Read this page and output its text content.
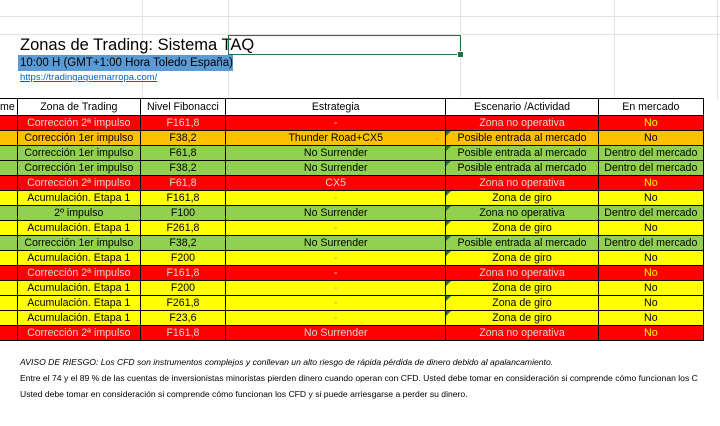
Zonas de Trading: Sistema TAQ
10:00 H (GMT+1:00 Hora Toledo España)
https://tradingaquemarropa.com/
me	Zona de Trading	Nivel Fibonacci	Estrategia	Escenario /Actividad	En mercado
	Corrección 2ª impulso	F161,8	-	Zona no operativa	No
	Corrección 1er impulso	F38,2	Thunder Road+CX5	Posible entrada al mercado	No
	Corrección 1er impulso	F61,8	No Surrender	Posible entrada al mercado	Dentro del mercado
	Corrección 1er impulso	F38,2	No Surrender	Posible entrada al mercado	Dentro del mercado
	Corrección 2ª impulso	F61,8	CX5	Zona no operativa	No
	Acumulación. Etapa 1	F161,8	-	Zona de giro	No
	2º impulso	F100	No Surrender	Zona no operativa	Dentro del mercado
	Acumulación. Etapa 1	F261,8	-	Zona de giro	No
	Corrección 1er impulso	F38,2	No Surrender	Posible entrada al mercado	Dentro del mercado
	Acumulación. Etapa 1	F200	-	Zona de giro	No
	Corrección 2ª impulso	F161,8	-	Zona no operativa	No
	Acumulación. Etapa 1	F200	-	Zona de giro	No
	Acumulación. Etapa 1	F261,8	-	Zona de giro	No
	Acumulación. Etapa 1	F23,6	-	Zona de giro	No
	Corrección 2ª impulso	F161,8	No Surrender	Zona no operativa	No
AVISO DE RIESGO: Los CFD son instrumentos complejos y conllevan un alto riesgo de rápida pérdida de dinero debido al apalancamiento.
Entre el 74 y el 89 % de las cuentas de inversionistas minoristas pierden dinero cuando operan con CFD. Usted debe tomar en consideración si comprende cómo funcionan los C
Usted debe tomar en consideración si comprende cómo funcionan los CFD y si puede arriesgarse a perder su dinero.
